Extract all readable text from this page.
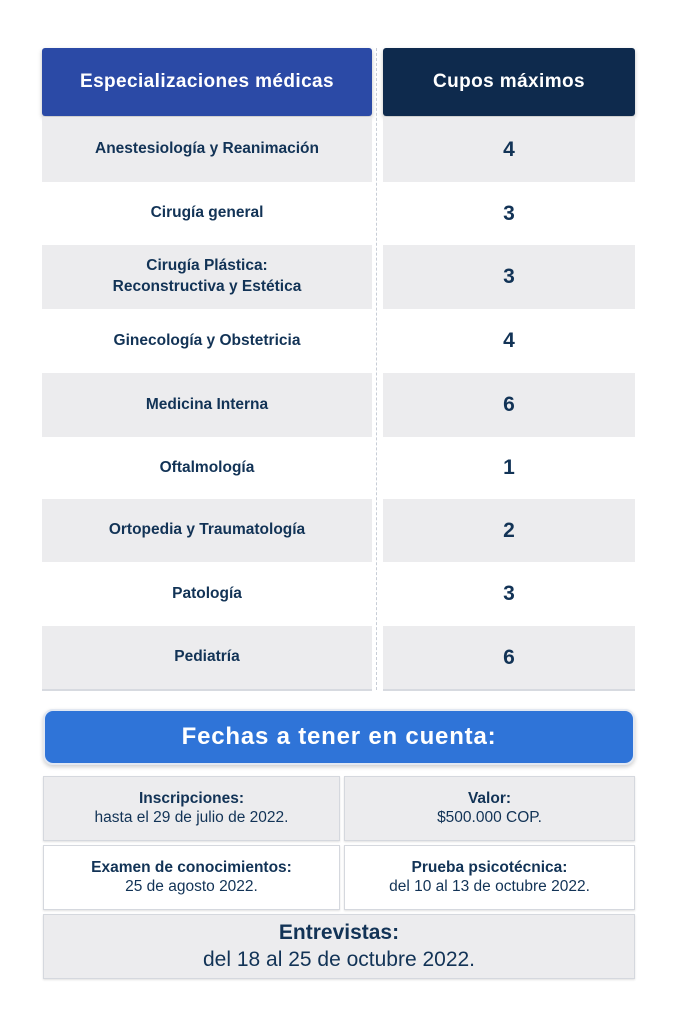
Especializaciones médicas	Cupos máximos
Anestesiología y Reanimación	4
Cirugía general	3
Cirugía Plástica: Reconstructiva y Estética	3
Ginecología y Obstetricia	4
Medicina Interna	6
Oftalmología	1
Ortopedia y Traumatología	2
Patología	3
Pediatría	6
Fechas a tener en cuenta:
Inscripciones:
hasta el 29 de julio de 2022.
Valor:
$500.000 COP.
Examen de conocimientos:
25 de agosto 2022.
Prueba psicotécnica:
del 10 al 13 de octubre 2022.
Entrevistas:
del 18 al 25 de octubre 2022.
